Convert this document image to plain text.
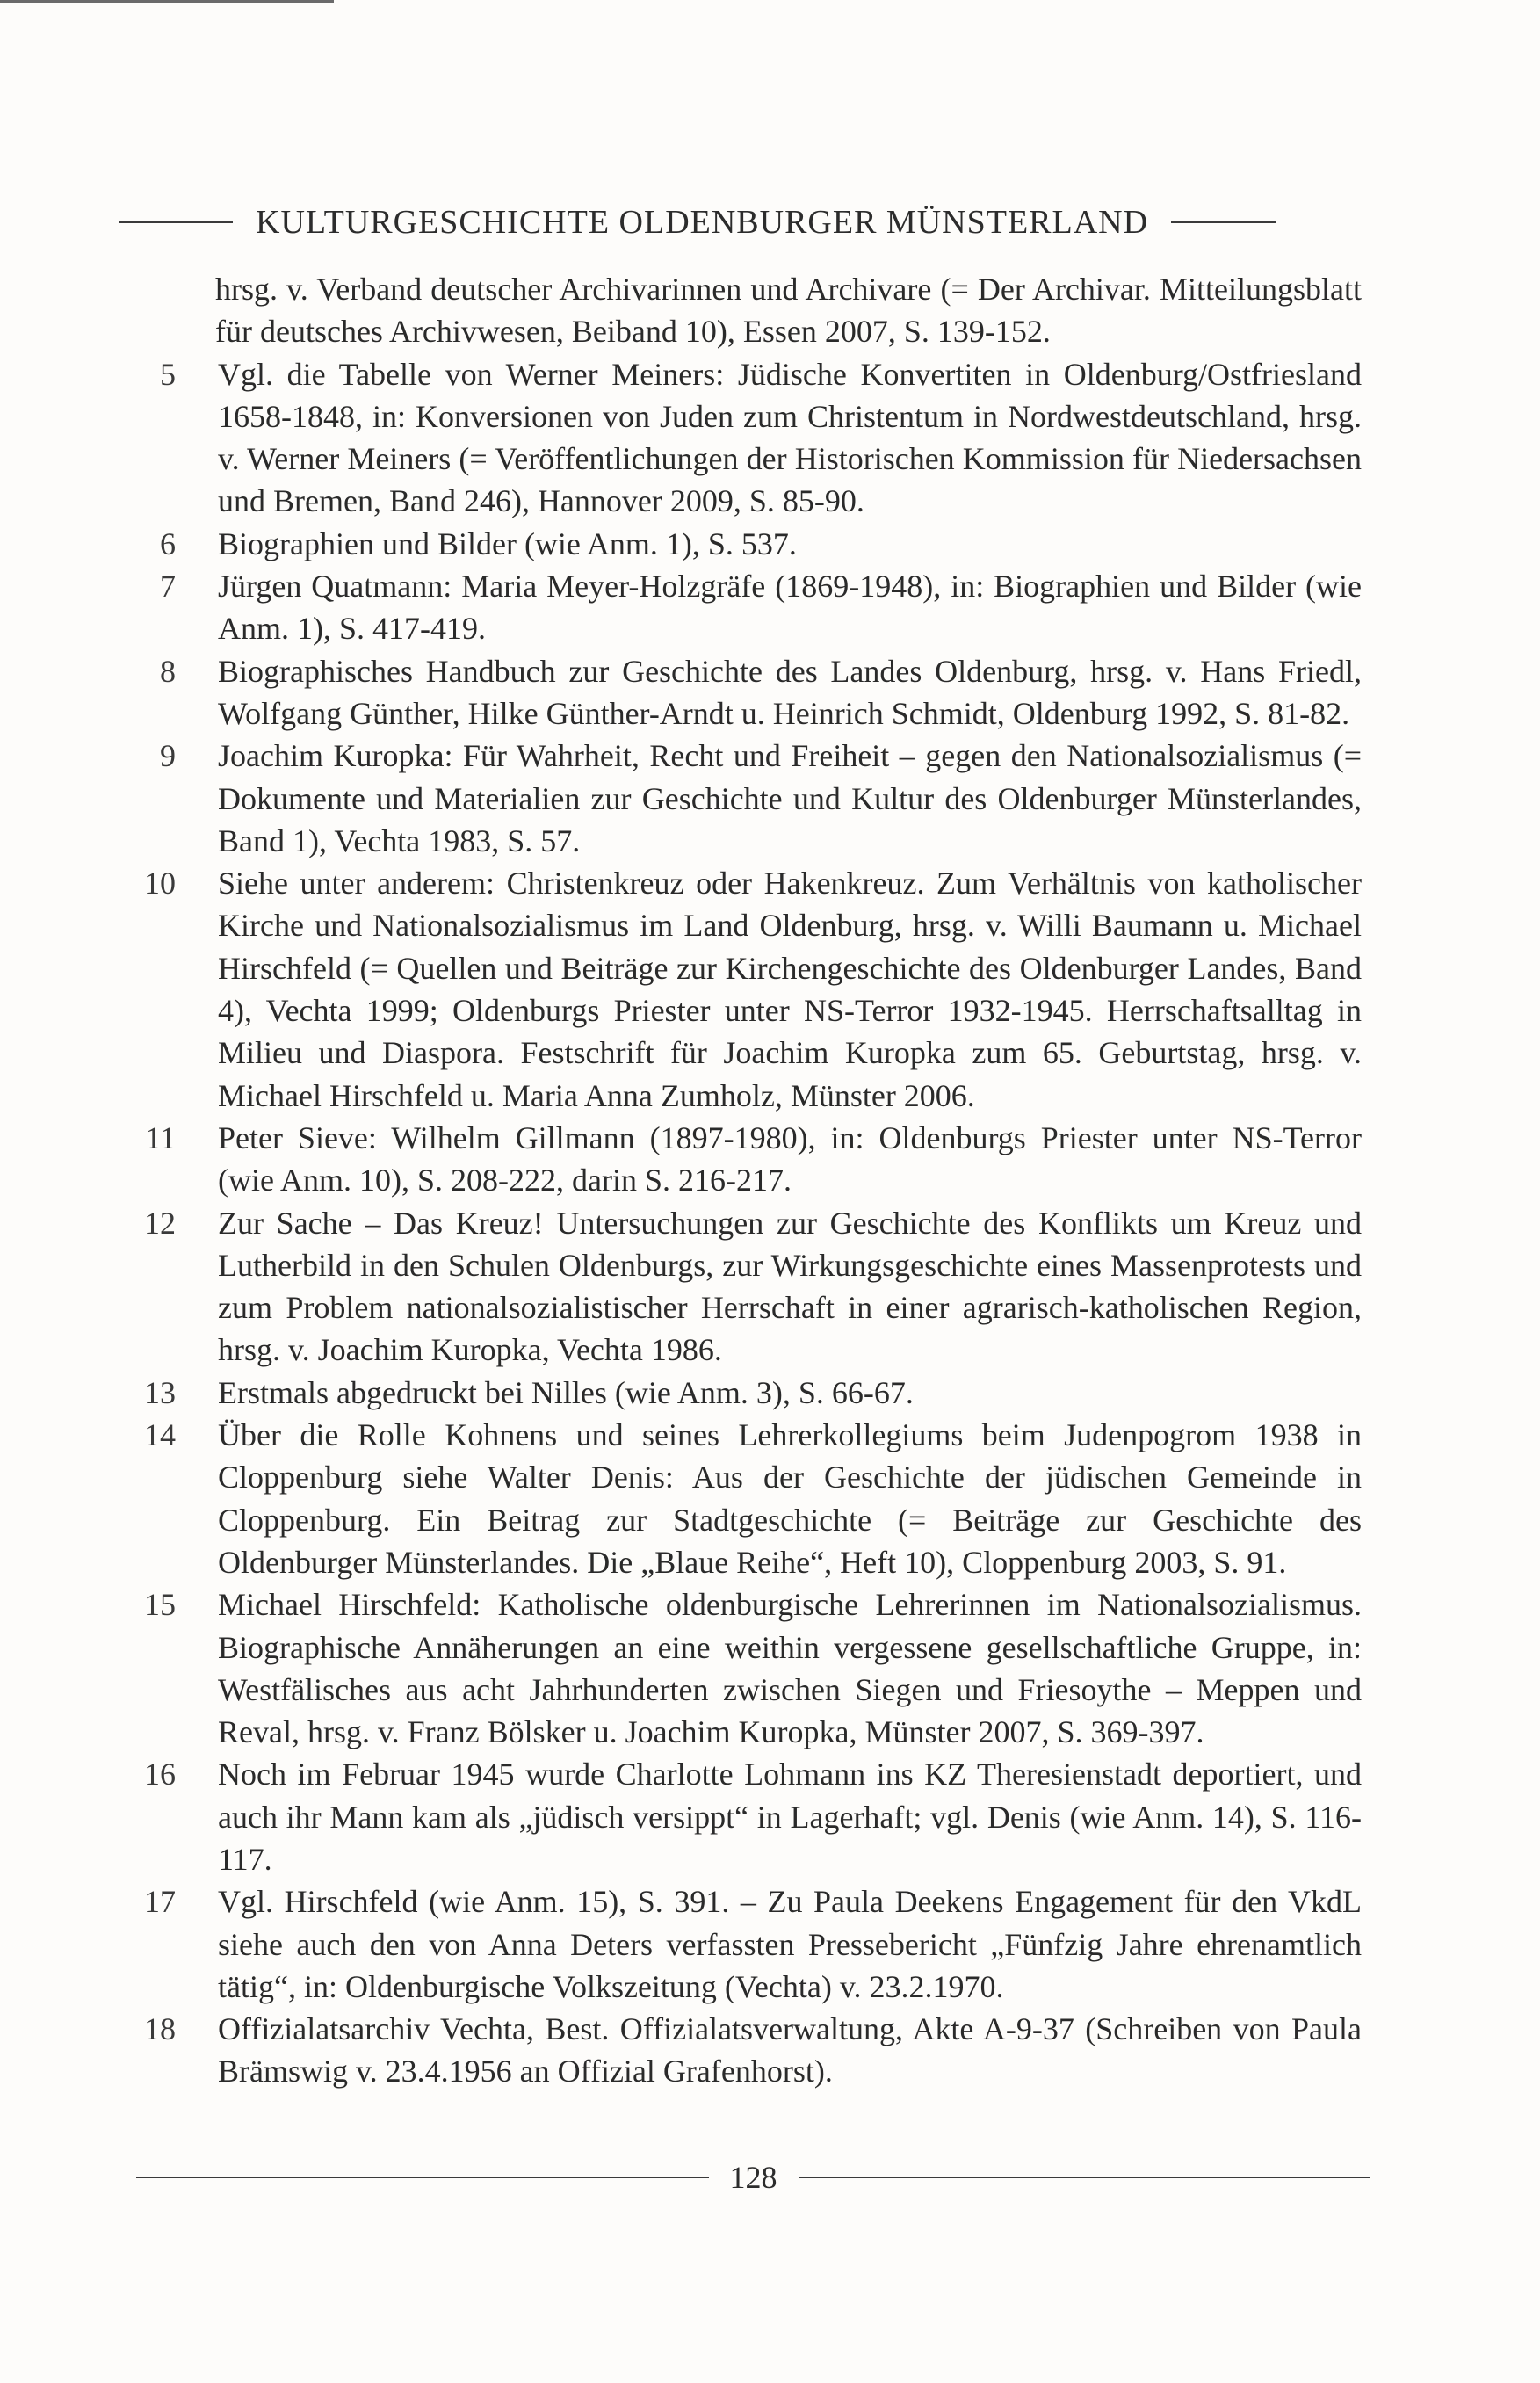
KULTURGESCHICHTE OLDENBURGER MÜNSTERLAND
hrsg. v. Verband deutscher Archivarinnen und Archivare (= Der Archivar. Mitteilungsblatt für deutsches Archivwesen, Beiband 10), Essen 2007, S. 139-152.
5 Vgl. die Tabelle von Werner Meiners: Jüdische Konvertiten in Oldenburg/Ostfriesland 1658-1848, in: Konversionen von Juden zum Christentum in Nordwestdeutschland, hrsg. v. Werner Meiners (= Veröffentlichungen der Historischen Kommission für Niedersachsen und Bremen, Band 246), Hannover 2009, S. 85-90.
6 Biographien und Bilder (wie Anm. 1), S. 537.
7 Jürgen Quatmann: Maria Meyer-Holzgräfe (1869-1948), in: Biographien und Bilder (wie Anm. 1), S. 417-419.
8 Biographisches Handbuch zur Geschichte des Landes Oldenburg, hrsg. v. Hans Friedl, Wolfgang Günther, Hilke Günther-Arndt u. Heinrich Schmidt, Oldenburg 1992, S. 81-82.
9 Joachim Kuropka: Für Wahrheit, Recht und Freiheit – gegen den Nationalsozialismus (= Dokumente und Materialien zur Geschichte und Kultur des Oldenburger Münsterlandes, Band 1), Vechta 1983, S. 57.
10 Siehe unter anderem: Christenkreuz oder Hakenkreuz. Zum Verhältnis von katholischer Kirche und Nationalsozialismus im Land Oldenburg, hrsg. v. Willi Baumann u. Michael Hirschfeld (= Quellen und Beiträge zur Kirchengeschichte des Oldenburger Landes, Band 4), Vechta 1999; Oldenburgs Priester unter NS-Terror 1932-1945. Herrschaftsalltag in Milieu und Diaspora. Festschrift für Joachim Kuropka zum 65. Geburtstag, hrsg. v. Michael Hirschfeld u. Maria Anna Zumholz, Münster 2006.
11 Peter Sieve: Wilhelm Gillmann (1897-1980), in: Oldenburgs Priester unter NS-Terror (wie Anm. 10), S. 208-222, darin S. 216-217.
12 Zur Sache – Das Kreuz! Untersuchungen zur Geschichte des Konflikts um Kreuz und Lutherbild in den Schulen Oldenburgs, zur Wirkungsgeschichte eines Massenprotests und zum Problem nationalsozialistischer Herrschaft in einer agrarisch-katholischen Region, hrsg. v. Joachim Kuropka, Vechta 1986.
13 Erstmals abgedruckt bei Nilles (wie Anm. 3), S. 66-67.
14 Über die Rolle Kohnens und seines Lehrerkollegiums beim Judenpogrom 1938 in Cloppenburg siehe Walter Denis: Aus der Geschichte der jüdischen Gemeinde in Cloppenburg. Ein Beitrag zur Stadtgeschichte (= Beiträge zur Geschichte des Oldenburger Münsterlandes. Die „Blaue Reihe“, Heft 10), Cloppenburg 2003, S. 91.
15 Michael Hirschfeld: Katholische oldenburgische Lehrerinnen im Nationalsozialismus. Biographische Annäherungen an eine weithin vergessene gesellschaftliche Gruppe, in: Westfälisches aus acht Jahrhunderten zwischen Siegen und Friesoythe – Meppen und Reval, hrsg. v. Franz Bölsker u. Joachim Kuropka, Münster 2007, S. 369-397.
16 Noch im Februar 1945 wurde Charlotte Lohmann ins KZ Theresienstadt deportiert, und auch ihr Mann kam als „jüdisch versippt“ in Lagerhaft; vgl. Denis (wie Anm. 14), S. 116-117.
17 Vgl. Hirschfeld (wie Anm. 15), S. 391. – Zu Paula Deekens Engagement für den VkdL siehe auch den von Anna Deters verfassten Pressebericht „Fünfzig Jahre ehrenamtlich tätig“, in: Oldenburgische Volkszeitung (Vechta) v. 23.2.1970.
18 Offizialatsarchiv Vechta, Best. Offizialatsverwaltung, Akte A-9-37 (Schreiben von Paula Brämswig v. 23.4.1956 an Offizial Grafenhorst).
128
